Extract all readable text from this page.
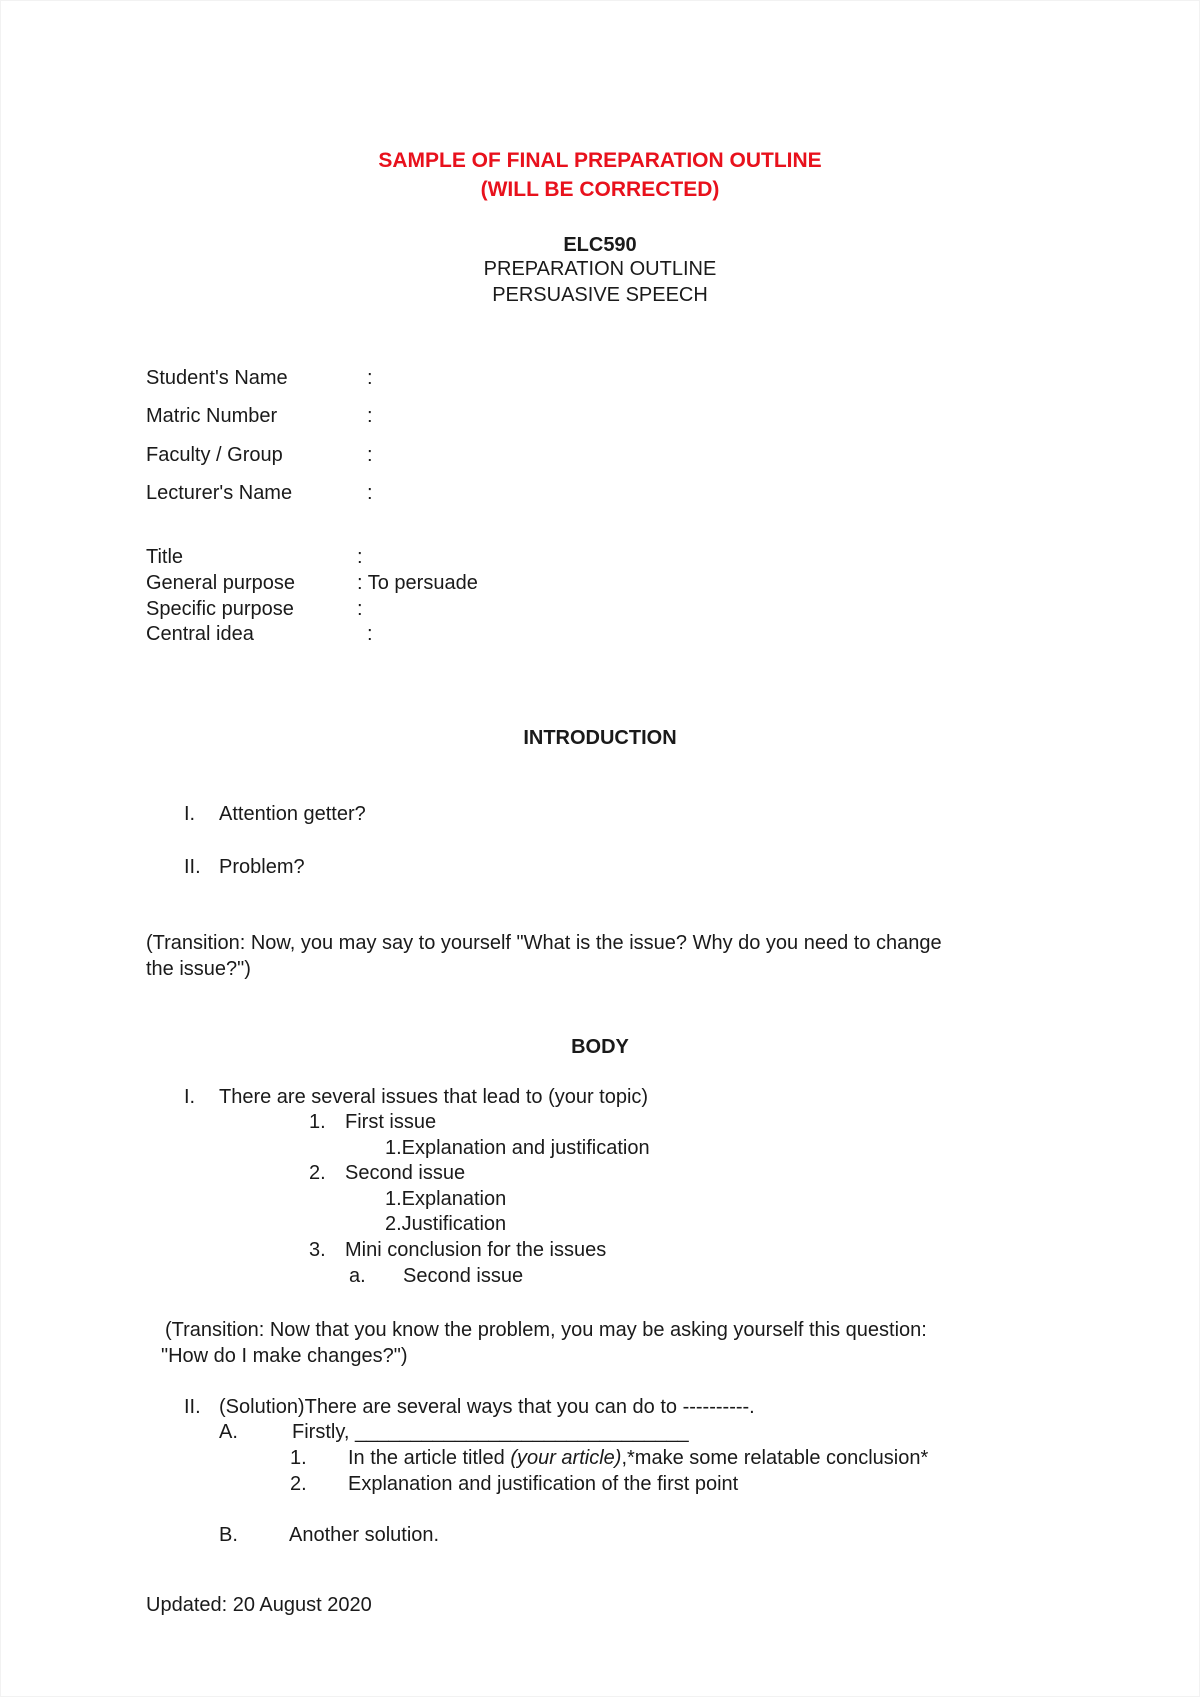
SAMPLE OF FINAL PREPARATION OUTLINE
(WILL BE CORRECTED)
ELC590
PREPARATION OUTLINE
PERSUASIVE SPEECH
Student's Name	:
Matric Number	:
Faculty / Group	:
Lecturer's Name	:
Title	:
General purpose	: To persuade
Specific purpose	:
Central idea	:
INTRODUCTION
I. Attention getter?
II. Problem?
(Transition: Now, you may say to yourself "What is the issue? Why do you need to change
the issue?")
BODY
I. There are several issues that lead to (your topic)
1. First issue
1.Explanation and justification
2. Second issue
1.Explanation
2.Justification
3. Mini conclusion for the issues
a. Second issue
(Transition: Now that you know the problem, you may be asking yourself this question:
"How do I make changes?")
II. (Solution)There are several ways that you can do to ----------.
A.	Firstly, ______________________________
1. In the article titled (your article),*make some relatable conclusion*
2. Explanation and justification of the first point
B.	Another solution.
Updated: 20 August 2020
